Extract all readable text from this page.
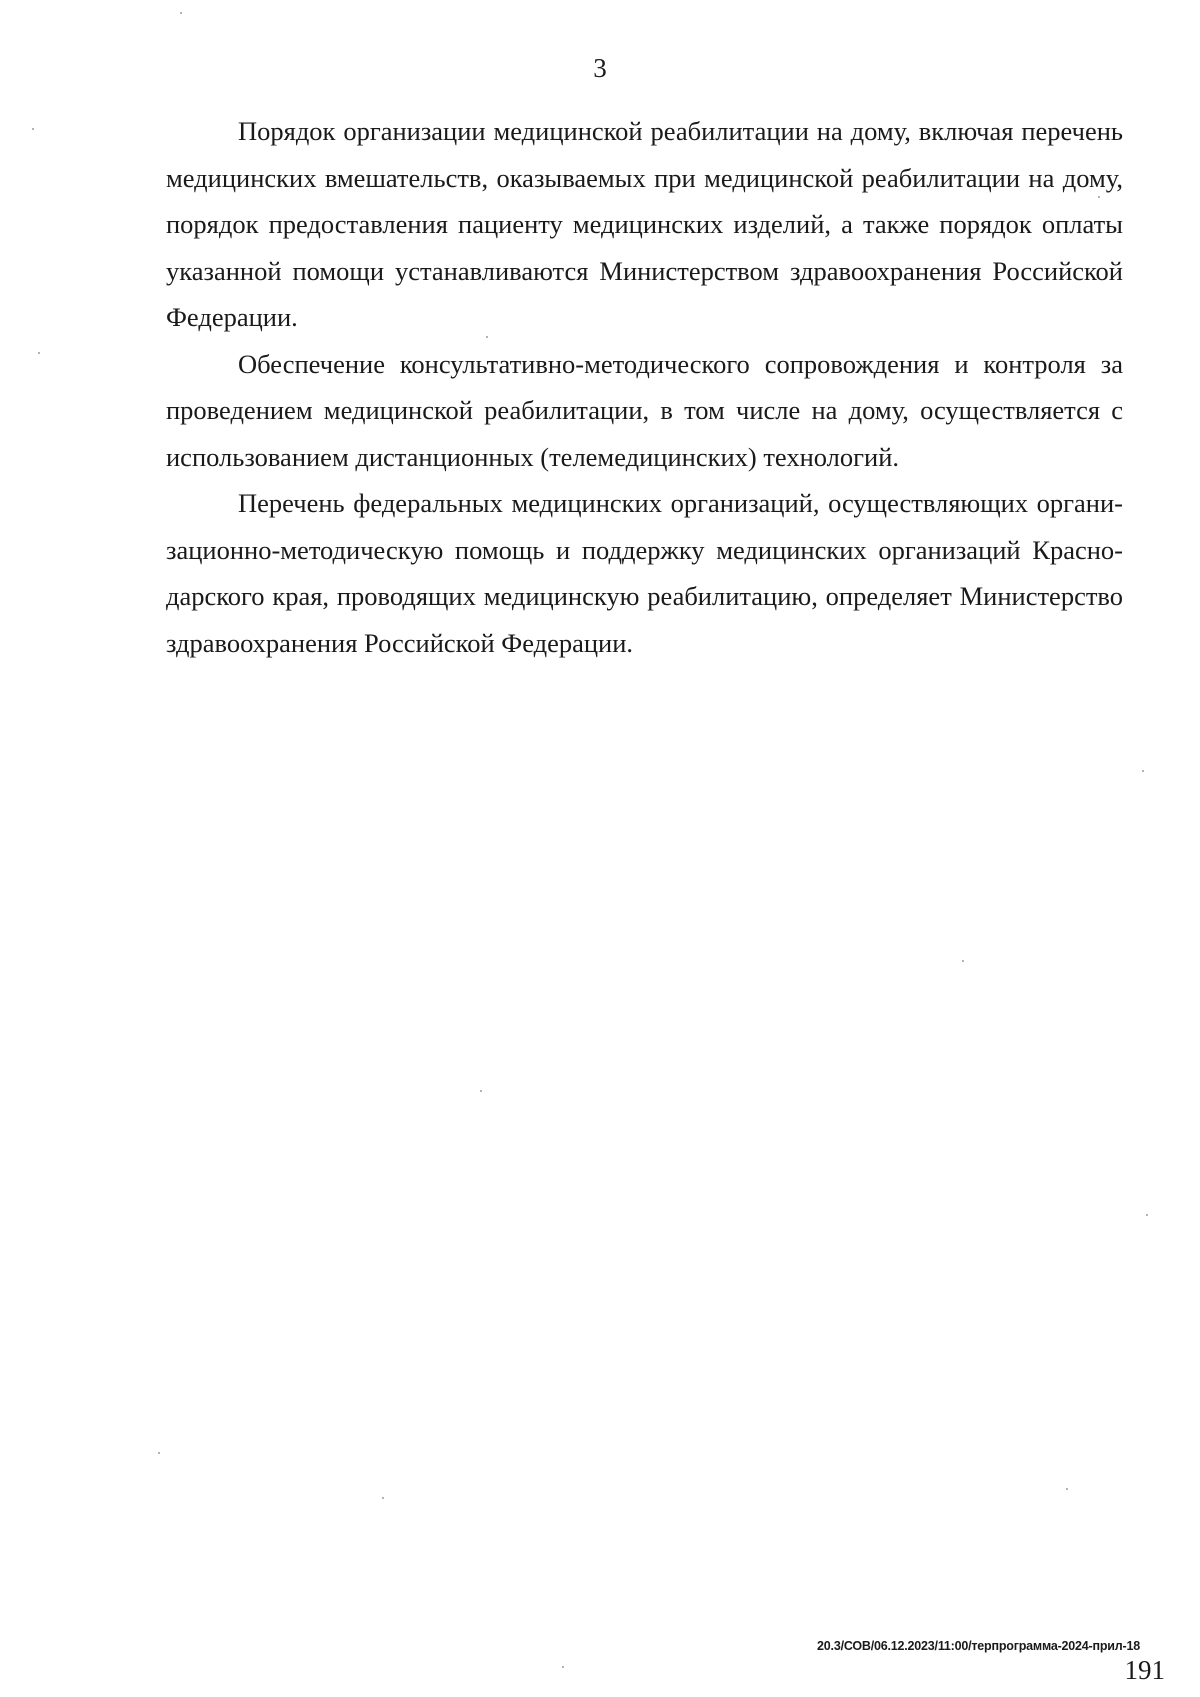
3

Порядок организации медицинской реабилитации на дому, включая перечень медицинских вмешательств, оказываемых при медицинской реабилитации на дому, порядок предоставления пациенту медицинских изделий, а также порядок оплаты указанной помощи устанавливаются Министерством здравоохранения Российской Федерации.

Обеспечение консультативно-методического сопровождения и контроля за проведением медицинской реабилитации, в том числе на дому, осуществляется с использованием дистанционных (телемедицинских) технологий.

Перечень федеральных медицинских организаций, осуществляющих организационно-методическую помощь и поддержку медицинских организаций Краснодарского края, проводящих медицинскую реабилитацию, определяет Министерство здравоохранения Российской Федерации.

20.3/СОВ/06.12.2023/11:00/терпрограмма-2024-прил-18
191
